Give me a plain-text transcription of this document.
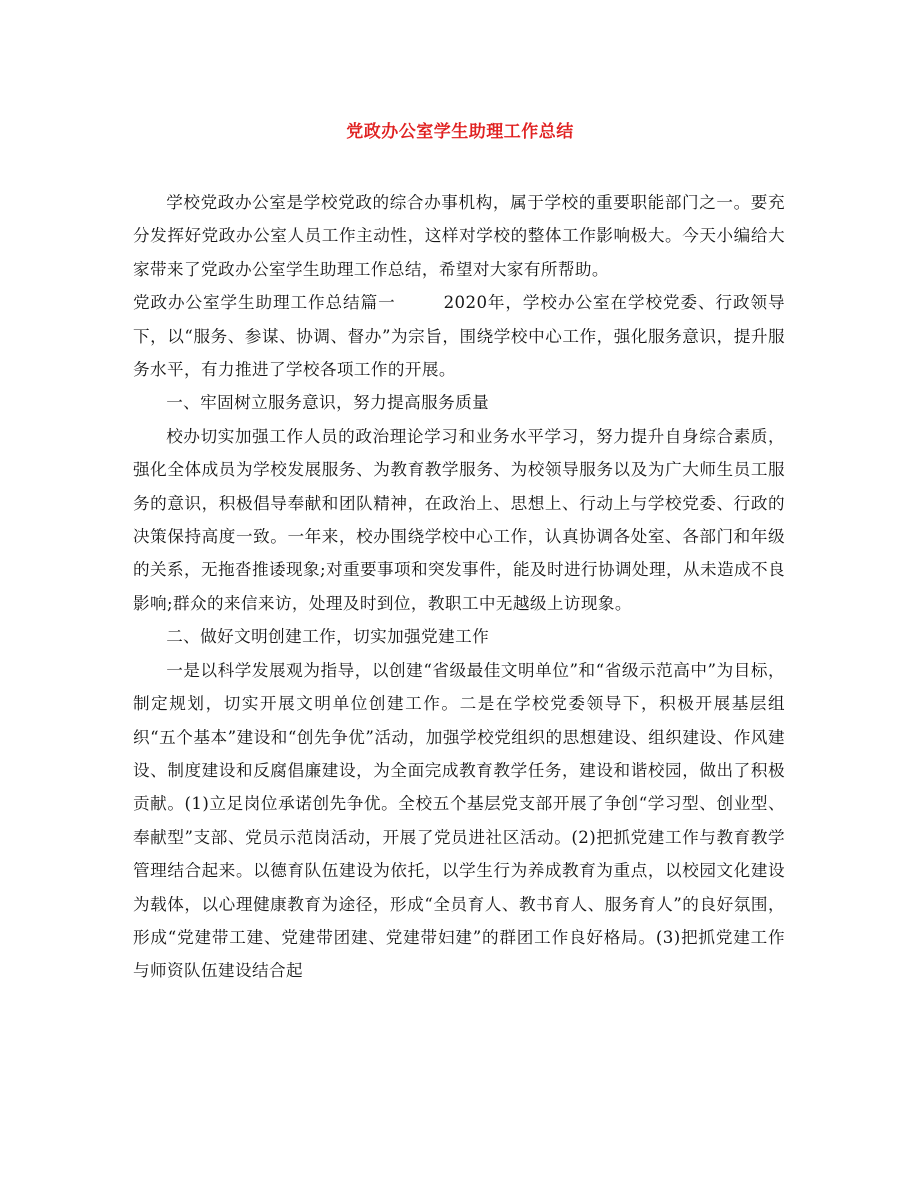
党政办公室学生助理工作总结

学校党政办公室是学校党政的综合办事机构，属于学校的重要职能部门之一。要充分发挥好党政办公室人员工作主动性，这样对学校的整体工作影响极大。今天小编给大家带来了党政办公室学生助理工作总结，希望对大家有所帮助。

党政办公室学生助理工作总结篇一	2020年，学校办公室在学校党委、行政领导下，以“服务、参谋、协调、督办”为宗旨，围绕学校中心工作，强化服务意识，提升服务水平，有力推进了学校各项工作的开展。

一、牢固树立服务意识，努力提高服务质量

校办切实加强工作人员的政治理论学习和业务水平学习，努力提升自身综合素质，强化全体成员为学校发展服务、为教育教学服务、为校领导服务以及为广大师生员工服务的意识，积极倡导奉献和团队精神，在政治上、思想上、行动上与学校党委、行政的决策保持高度一致。一年来，校办围绕学校中心工作，认真协调各处室、各部门和年级的关系，无拖沓推诿现象;对重要事项和突发事件，能及时进行协调处理，从未造成不良影响;群众的来信来访，处理及时到位，教职工中无越级上访现象。

二、做好文明创建工作，切实加强党建工作

一是以科学发展观为指导，以创建“省级最佳文明单位”和“省级示范高中”为目标，制定规划，切实开展文明单位创建工作。二是在学校党委领导下，积极开展基层组织“五个基本”建设和“创先争优”活动，加强学校党组织的思想建设、组织建设、作风建设、制度建设和反腐倡廉建设，为全面完成教育教学任务，建设和谐校园，做出了积极贡献。(1)立足岗位承诺创先争优。全校五个基层党支部开展了争创“学习型、创业型、奉献型”支部、党员示范岗活动，开展了党员进社区活动。(2)把抓党建工作与教育教学管理结合起来。以德育队伍建设为依托，以学生行为养成教育为重点，以校园文化建设为载体，以心理健康教育为途径，形成“全员育人、教书育人、服务育人”的良好氛围，形成“党建带工建、党建带团建、党建带妇建”的群团工作良好格局。(3)把抓党建工作与师资队伍建设结合起
